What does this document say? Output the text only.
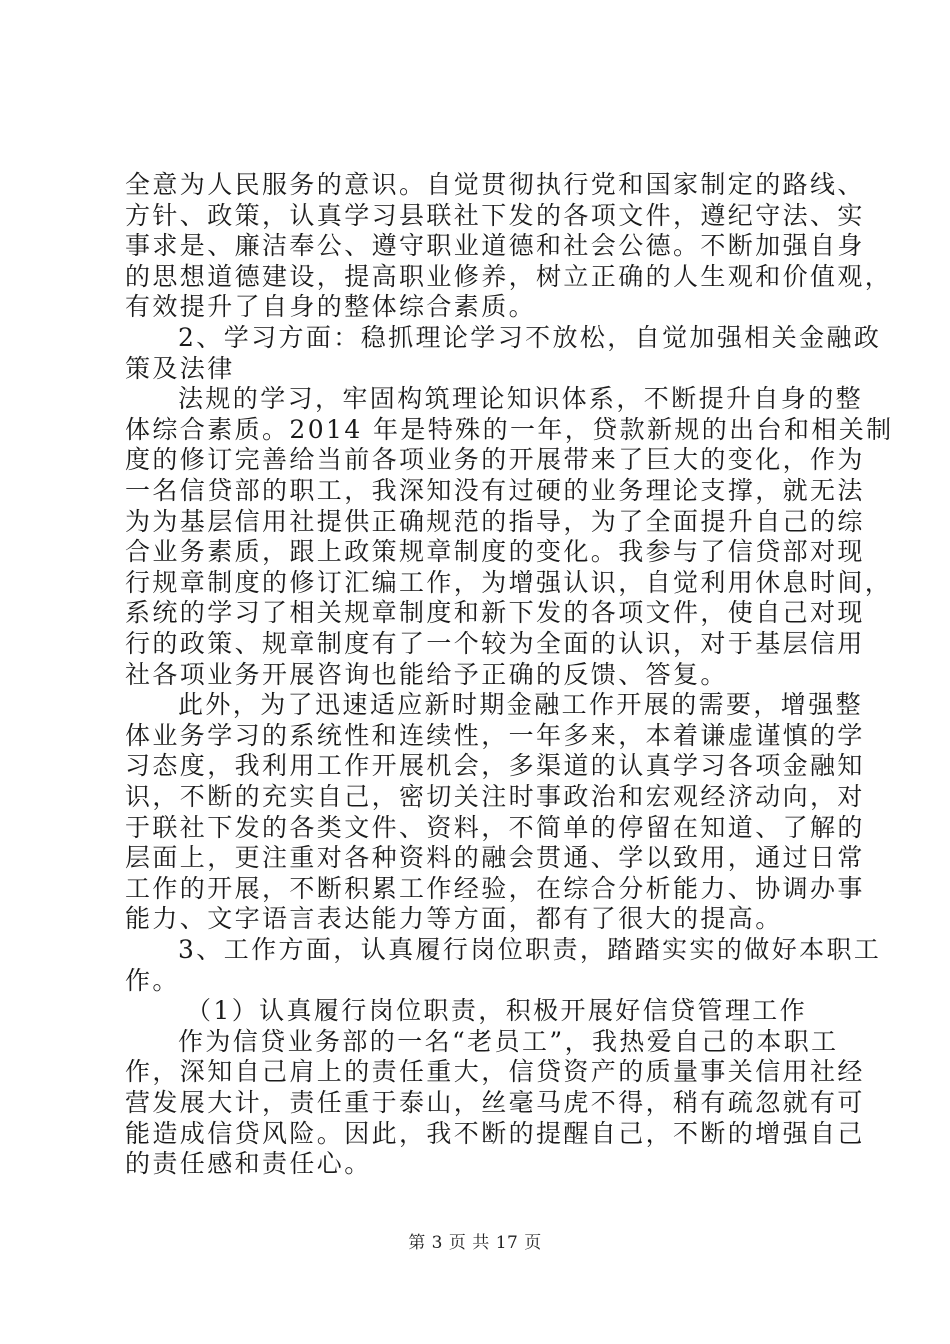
全意为人民服务的意识。自觉贯彻执行党和国家制定的路线、
方针、政策，认真学习县联社下发的各项文件，遵纪守法、实
事求是、廉洁奉公、遵守职业道德和社会公德。不断加强自身
的思想道德建设，提高职业修养，树立正确的人生观和价值观，
有效提升了自身的整体综合素质。
2、学习方面：稳抓理论学习不放松，自觉加强相关金融政
策及法律
法规的学习，牢固构筑理论知识体系，不断提升自身的整
体综合素质。2014 年是特殊的一年，贷款新规的出台和相关制
度的修订完善给当前各项业务的开展带来了巨大的变化，作为
一名信贷部的职工，我深知没有过硬的业务理论支撑，就无法
为为基层信用社提供正确规范的指导，为了全面提升自己的综
合业务素质，跟上政策规章制度的变化。我参与了信贷部对现
行规章制度的修订汇编工作，为增强认识，自觉利用休息时间，
系统的学习了相关规章制度和新下发的各项文件，使自己对现
行的政策、规章制度有了一个较为全面的认识，对于基层信用
社各项业务开展咨询也能给予正确的反馈、答复。
此外，为了迅速适应新时期金融工作开展的需要，增强整
体业务学习的系统性和连续性，一年多来，本着谦虚谨慎的学
习态度，我利用工作开展机会，多渠道的认真学习各项金融知
识，不断的充实自己，密切关注时事政治和宏观经济动向，对
于联社下发的各类文件、资料，不简单的停留在知道、了解的
层面上，更注重对各种资料的融会贯通、学以致用，通过日常
工作的开展，不断积累工作经验，在综合分析能力、协调办事
能力、文字语言表达能力等方面，都有了很大的提高。
3、工作方面，认真履行岗位职责，踏踏实实的做好本职工
作。
（1）认真履行岗位职责，积极开展好信贷管理工作
作为信贷业务部的一名“老员工”，我热爱自己的本职工
作，深知自己肩上的责任重大，信贷资产的质量事关信用社经
营发展大计，责任重于泰山，丝毫马虎不得，稍有疏忽就有可
能造成信贷风险。因此，我不断的提醒自己，不断的增强自己
的责任感和责任心。
第 3 页 共 17 页
